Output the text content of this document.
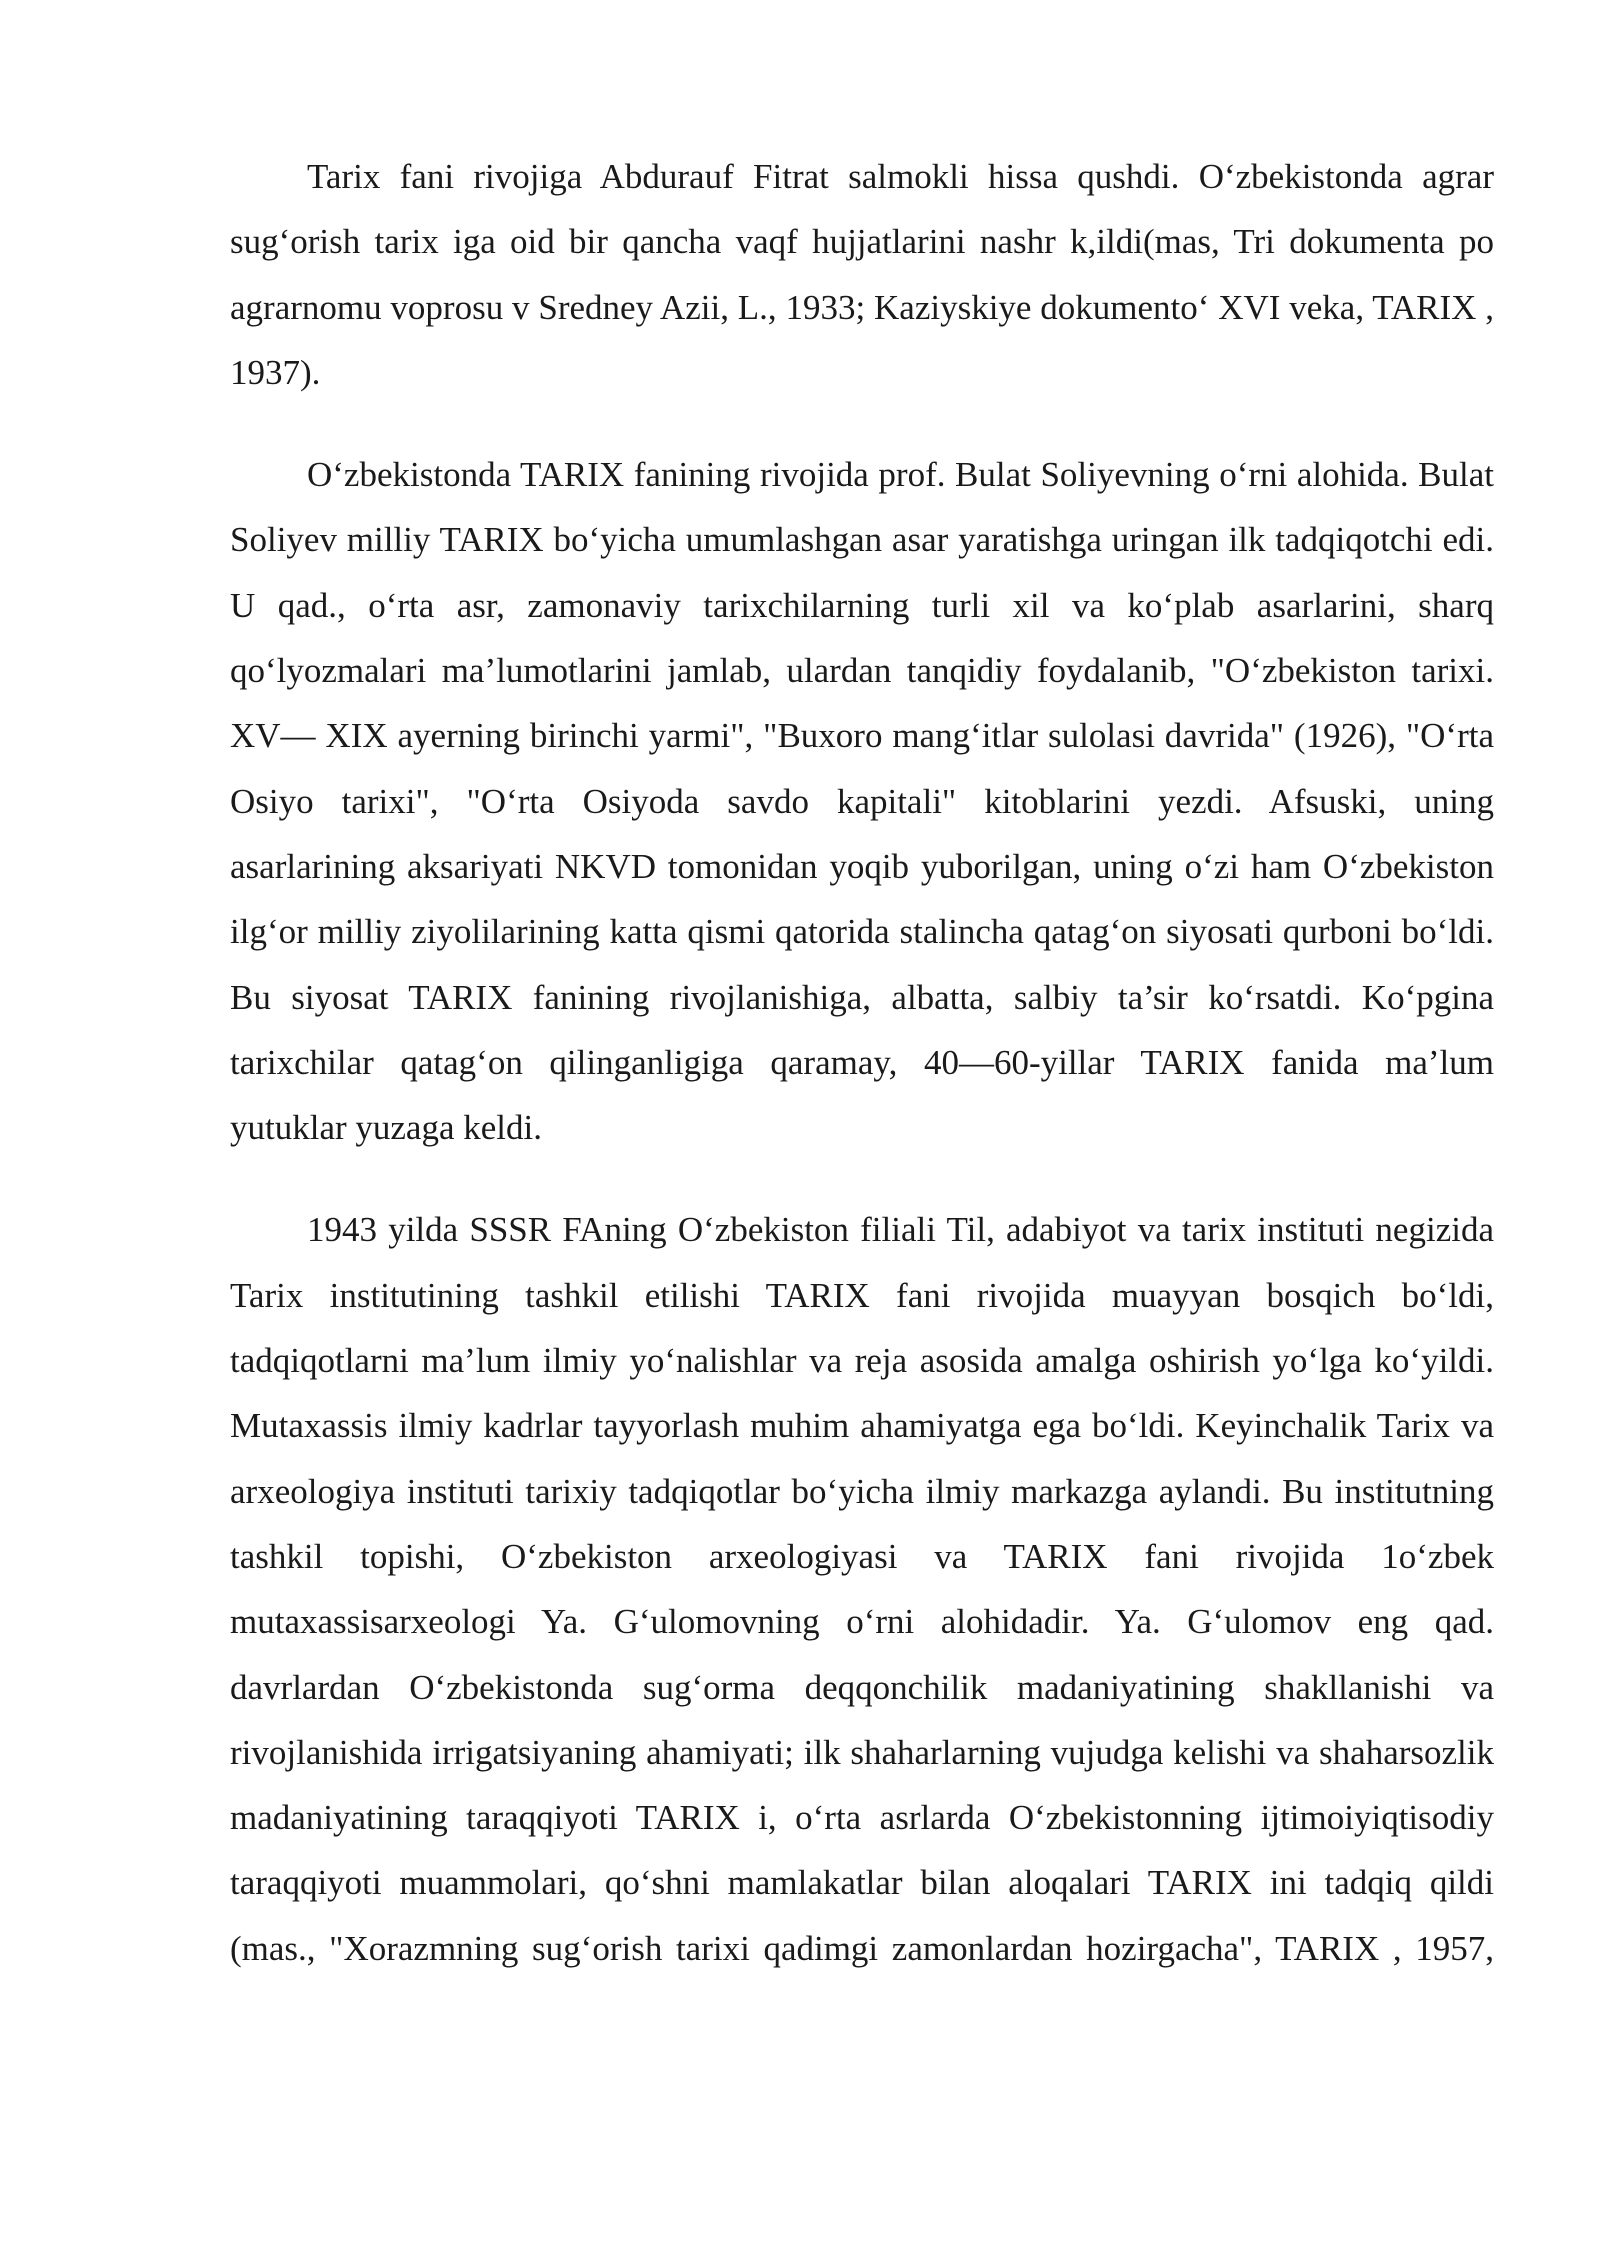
Tarix fani rivojiga Abdurauf Fitrat salmokli hissa qushdi. O‘zbekistonda agrar sug‘orish tarix iga oid bir qancha vaqf hujjatlarini nashr k,ildi(mas, Tri dokumenta po agrarnomu voprosu v Sredney Azii, L., 1933; Kaziyskiye dokumento‘ XVI veka, TARIX , 1937).

O‘zbekistonda TARIX fanining rivojida prof. Bulat Soliyevning o‘rni alohida. Bulat Soliyev milliy TARIX bo‘yicha umumlashgan asar yaratishga uringan ilk tadqiqotchi edi. U qad., o‘rta asr, zamonaviy tarixchilarning turli xil va ko‘plab asarlarini, sharq qo‘lyozmalari ma’lumotlarini jamlab, ulardan tanqidiy foydalanib, "O‘zbekiston tarixi. XV— XIX ayerning birinchi yarmi", "Buxoro mang‘itlar sulolasi davrida" (1926), "O‘rta Osiyo tarixi", "O‘rta Osiyoda savdo kapitali" kitoblarini yezdi. Afsuski, uning asarlarining aksariyati NKVD tomonidan yoqib yuborilgan, uning o‘zi ham O‘zbekiston ilg‘or milliy ziyolilarining katta qismi qatorida stalincha qatag‘on siyosati qurboni bo‘ldi. Bu siyosat TARIX fanining rivojlanishiga, albatta, salbiy ta’sir ko‘rsatdi. Ko‘pgina tarixchilar qatag‘on qilinganligiga qaramay, 40—60-yillar TARIX fanida ma’lum yutuklar yuzaga keldi.

1943 yilda SSSR FAning O‘zbekiston filiali Til, adabiyot va tarix instituti negizida Tarix institutining tashkil etilishi TARIX fani rivojida muayyan bosqich bo‘ldi, tadqiqotlarni ma’lum ilmiy yo‘nalishlar va reja asosida amalga oshirish yo‘lga ko‘yildi. Mutaxassis ilmiy kadrlar tayyorlash muhim ahamiyatga ega bo‘ldi. Keyinchalik Tarix va arxeologiya instituti tarixiy tadqiqotlar bo‘yicha ilmiy markazga aylandi. Bu institutning tashkil topishi, O‘zbekiston arxeologiyasi va TARIX fani rivojida 1o‘zbek mutaxassisarxeologi Ya. G‘ulomovning o‘rni alohidadir. Ya. G‘ulomov eng qad. davrlardan O‘zbekistonda sug‘orma deqqonchilik madaniyatining shakllanishi va rivojlanishida irrigatsiyaning ahamiyati; ilk shaharlarning vujudga kelishi va shaharsozlik madaniyatining taraqqiyoti TARIX i, o‘rta asrlarda O‘zbekistonning ijtimoiyiqtisodiy taraqqiyoti muammolari, qo‘shni mamlakatlar bilan aloqalari TARIX ini tadqiq qildi (mas., "Xorazmning sug‘orish tarixi qadimgi zamonlardan hozirgacha", TARIX , 1957,
